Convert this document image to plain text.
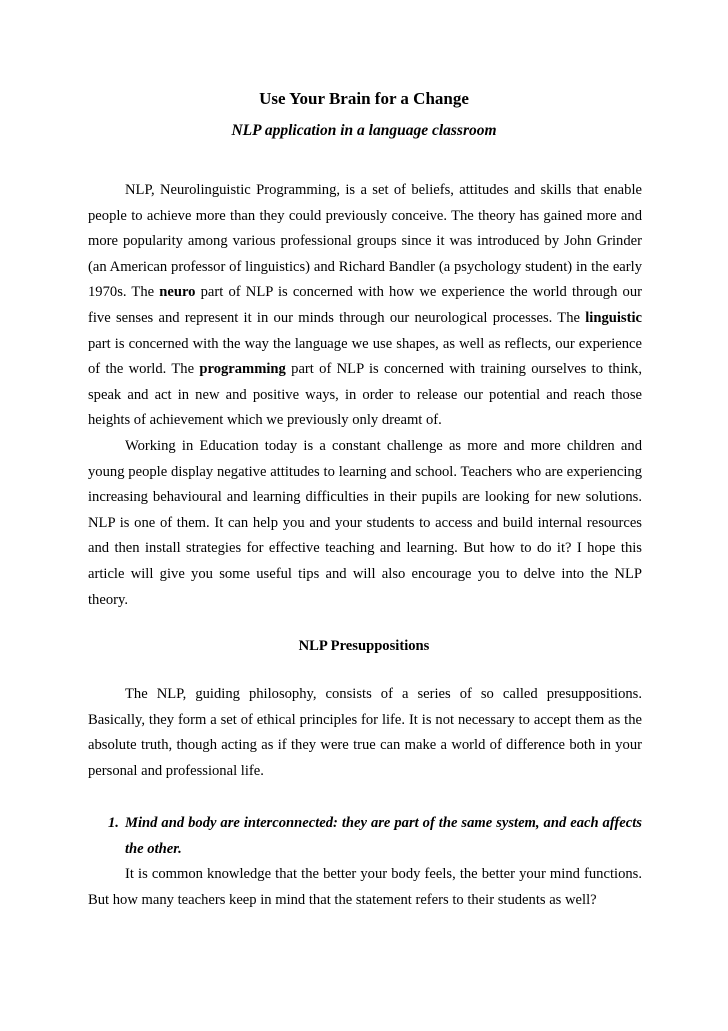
Use Your Brain for a Change
NLP application in a language classroom

NLP, Neurolinguistic Programming, is a set of beliefs, attitudes and skills that enable people to achieve more than they could previously conceive. The theory has gained more and more popularity among various professional groups since it was introduced by John Grinder (an American professor of linguistics) and Richard Bandler (a psychology student) in the early 1970s. The neuro part of NLP is concerned with how we experience the world through our five senses and represent it in our minds through our neurological processes. The linguistic part is concerned with the way the language we use shapes, as well as reflects, our experience of the world. The programming part of NLP is concerned with training ourselves to think, speak and act in new and positive ways, in order to release our potential and reach those heights of achievement which we previously only dreamt of.

Working in Education today is a constant challenge as more and more children and young people display negative attitudes to learning and school. Teachers who are experiencing increasing behavioural and learning difficulties in their pupils are looking for new solutions. NLP is one of them. It can help you and your students to access and build internal resources and then install strategies for effective teaching and learning. But how to do it? I hope this article will give you some useful tips and will also encourage you to delve into the NLP theory.

NLP Presuppositions

The NLP, guiding philosophy, consists of a series of so called presuppositions. Basically, they form a set of ethical principles for life. It is not necessary to accept them as the absolute truth, though acting as if they were true can make a world of difference both in your personal and professional life.

1. Mind and body are interconnected: they are part of the same system, and each affects the other.

It is common knowledge that the better your body feels, the better your mind functions. But how many teachers keep in mind that the statement refers to their students as well?
